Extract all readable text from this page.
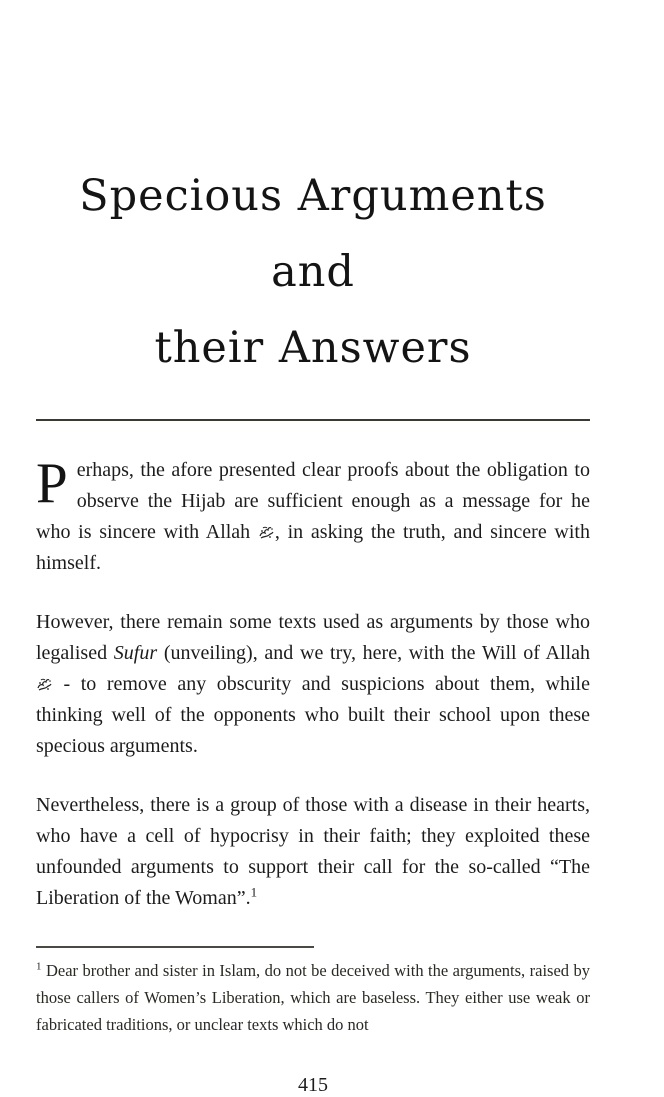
Specious Arguments and
their Answers

Perhaps, the afore presented clear proofs about the obligation to observe the Hijab are sufficient enough as a message for he who is sincere with Allah , in asking the truth, and sincere with himself.

However, there remain some texts used as arguments by those who legalised Sufur (unveiling), and we try, here, with the Will of Allah  - to remove any obscurity and suspicions about them, while thinking well of the opponents who built their school upon these specious arguments.

Nevertheless, there is a group of those with a disease in their hearts, who have a cell of hypocrisy in their faith; they exploited these unfounded arguments to support their call for the so-called “The Liberation of the Woman”.$^1$

$^1$ Dear brother and sister in Islam, do not be deceived with the arguments, raised by those callers of Women’s Liberation, which are baseless. They either use weak or fabricated traditions, or unclear texts which do not

415
